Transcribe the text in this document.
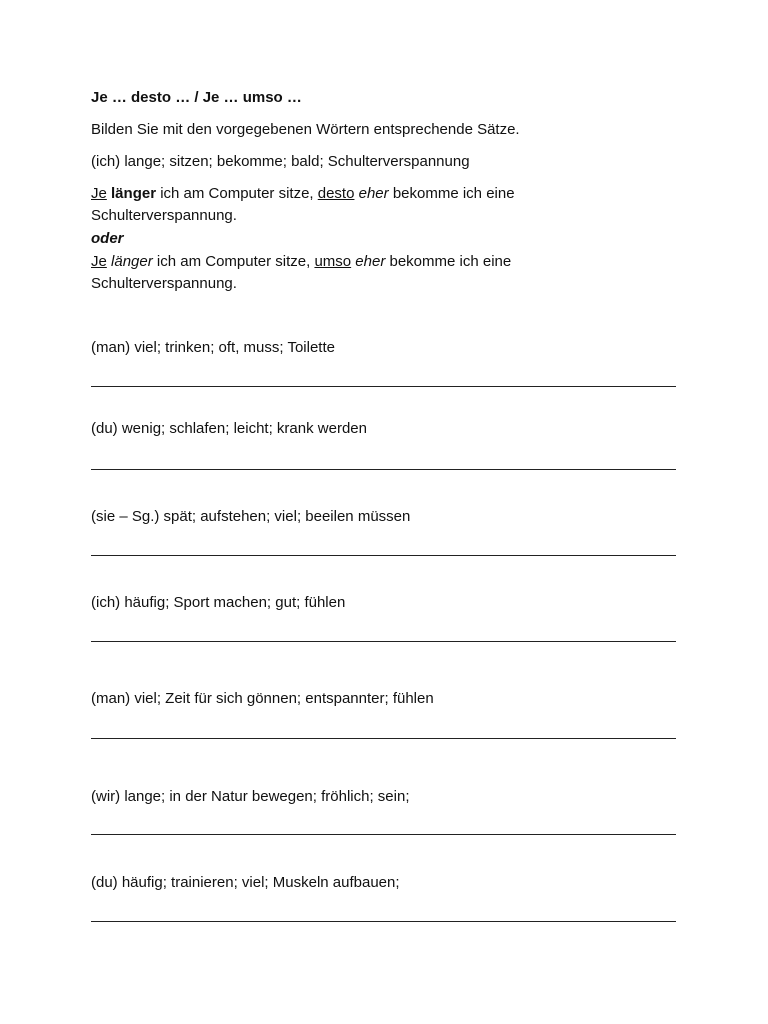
Je … desto … / Je … umso …
Bilden Sie mit den vorgegebenen Wörtern entsprechende Sätze.
(ich) lange; sitzen; bekomme; bald; Schulterverspannung
Je länger ich am Computer sitze, desto eher bekomme ich eine
Schulterverspannung.
oder
Je länger ich am Computer sitze, umso eher bekomme ich eine
Schulterverspannung.
(man) viel; trinken; oft, muss; Toilette
(du) wenig; schlafen; leicht; krank werden
(sie – Sg.) spät; aufstehen; viel; beeilen müssen
(ich) häufig; Sport machen; gut; fühlen
(man) viel; Zeit für sich gönnen; entspannter; fühlen
(wir) lange; in der Natur bewegen; fröhlich; sein;
(du) häufig; trainieren; viel; Muskeln aufbauen;
